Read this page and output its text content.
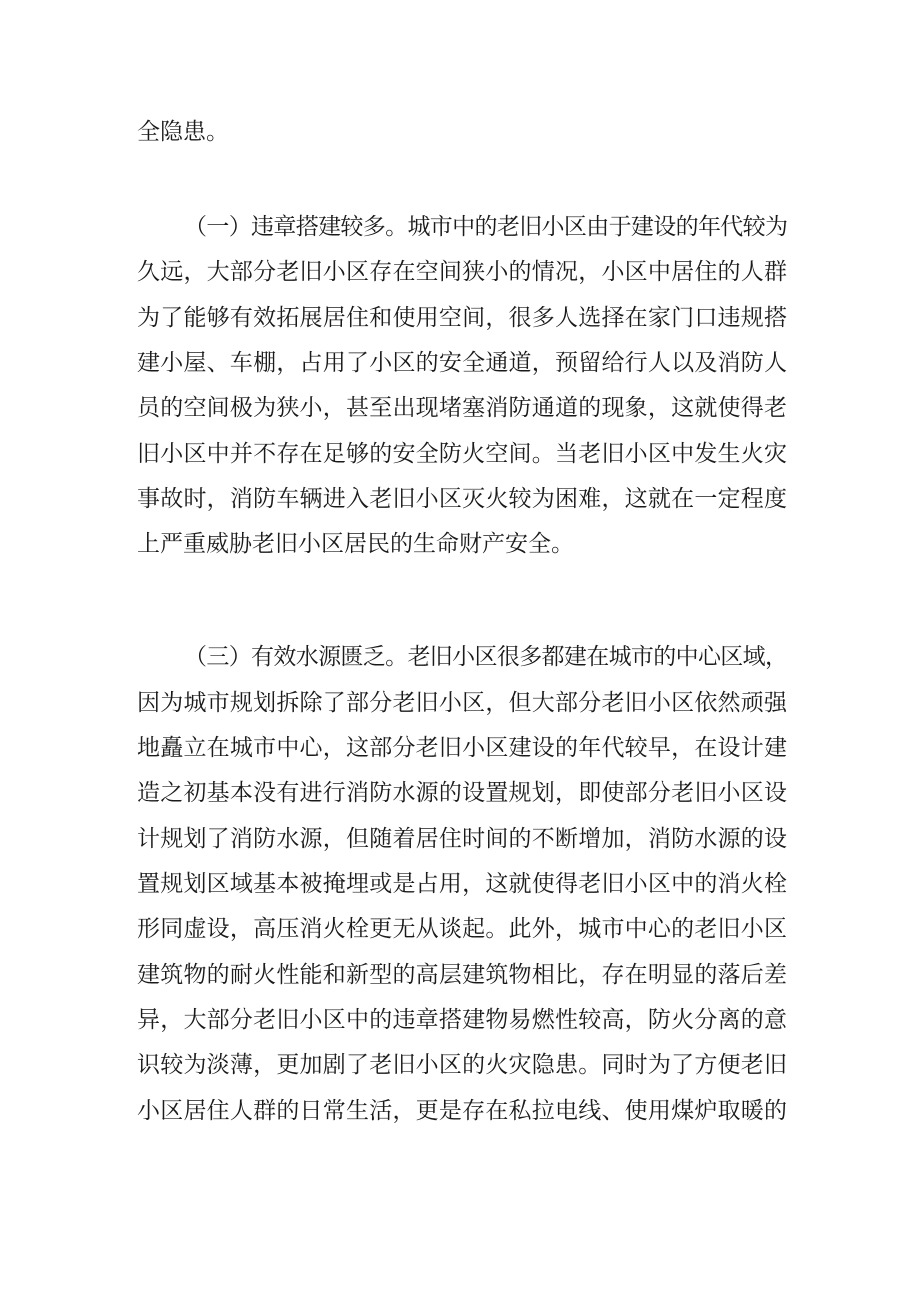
全隐患。
（一）违章搭建较多。城市中的老旧小区由于建设的年代较为
久远，大部分老旧小区存在空间狭小的情况，小区中居住的人群
为了能够有效拓展居住和使用空间，很多人选择在家门口违规搭
建小屋、车棚，占用了小区的安全通道，预留给行人以及消防人
员的空间极为狭小，甚至出现堵塞消防通道的现象，这就使得老
旧小区中并不存在足够的安全防火空间。当老旧小区中发生火灾
事故时，消防车辆进入老旧小区灭火较为困难，这就在一定程度
上严重威胁老旧小区居民的生命财产安全。
（三）有效水源匮乏。老旧小区很多都建在城市的中心区域，
因为城市规划拆除了部分老旧小区，但大部分老旧小区依然顽强
地矗立在城市中心，这部分老旧小区建设的年代较早，在设计建
造之初基本没有进行消防水源的设置规划，即使部分老旧小区设
计规划了消防水源，但随着居住时间的不断增加，消防水源的设
置规划区域基本被掩埋或是占用，这就使得老旧小区中的消火栓
形同虚设，高压消火栓更无从谈起。此外，城市中心的老旧小区
建筑物的耐火性能和新型的高层建筑物相比，存在明显的落后差
异，大部分老旧小区中的违章搭建物易燃性较高，防火分离的意
识较为淡薄，更加剧了老旧小区的火灾隐患。同时为了方便老旧
小区居住人群的日常生活，更是存在私拉电线、使用煤炉取暖的
